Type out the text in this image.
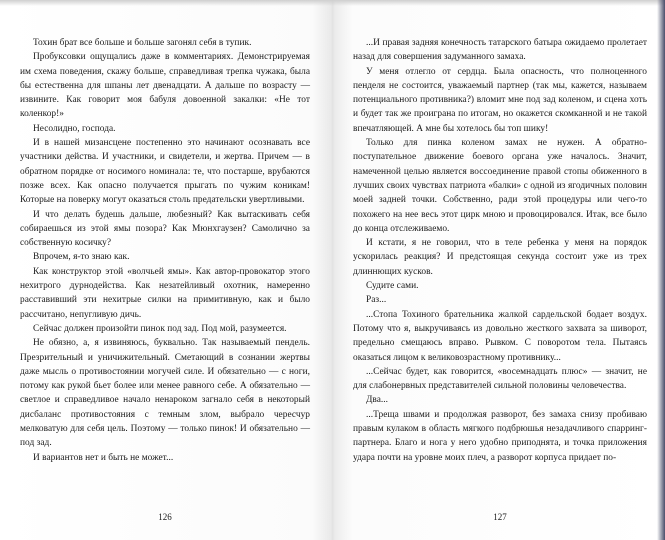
Тохин брат все больше и больше загонял себя в тупик.

Пробуксовки ощущались даже в комментариях. Демонстрируемая им схема поведения, скажу больше, справедливая трепка чужака, была бы естественна для шпаны лет двенадцати. А дальше по возрасту — извините. Как говорит моя бабуля довоенной закалки: «Не тот коленкор!»

Несолидно, господа.

И в нашей мизансцене постепенно это начинают осознавать все участники действа. И участники, и свидетели, и жертва. Причем — в обратном порядке от носимого номинала: те, что постарше, врубаются позже всех. Как опасно получается прыгать по чужим коникам! Которые на поверку могут оказаться столь предательски увертливыми.

И что делать будешь дальше, любезный? Как вытаскивать себя собираешься из этой ямы позора? Как Мюнхгаузен? Самолично за собственную косичку?

Впрочем, я-то знаю как.

Как конструктор этой «волчьей ямы». Как автор-провокатор этого нехитрого дурнодейства. Как незатейливый охотник, намеренно расставивший эти нехитрые силки на примитивную, как и было рассчитано, непугливую дичь.

Сейчас должен произойти пинок под зад. Под мой, разумеется.

Не обязно, а, я извиняюсь, буквально. Так называемый пендель. Презрительный и уничижительный. Сметающий в сознании жертвы даже мысль о противостоянии могучей силе. И обязательно — с ноги, потому как рукой бьет более или менее равного себе. А обязательно — светлое и справедливое начало ненароком загнало себя в некоторый дисбаланс противостояния с темным злом, выбрало чересчур мелковатую для себя цель. Поэтому — только пинок! И обязательно — под зад.

И вариантов нет и быть не может...

126

...И правая задняя конечность татарского батыра ожидаемо пролетает назад для совершения задуманного замаха.

У меня отлегло от сердца. Была опасность, что полноценного пенделя не состоится, уважаемый партнер (так мы, кажется, называем потенциального противника?) вломит мне под зад коленом, и сцена хоть и будет так же проиграна по итогам, но окажется скомканной и не такой впечатляющей. А мне бы хотелось бы топ шику!

Только для пинка коленом замах не нужен. А обратно-поступательное движение боевого органа уже началось. Значит, намеченной целью является воссоединение правой стопы обиженного в лучших своих чувствах патриота «балки» с одной из ягодичных половин моей задней точки. Собственно, ради этой процедуры или чего-то похожего на нее весь этот цирк мною и провоцировался. Итак, все было до конца отслеживаемо.

И кстати, я не говорил, что в теле ребенка у меня на порядок ускорилась реакция? И предстоящая секунда состоит уже из трех длиннющих кусков.

Судите сами.

Раз...

...Стопа Тохиного брательника жалкой сардельской бодает воздух. Потому что я, выкручиваясь из довольно жесткого захвата за шиворот, предельно смещаюсь вправо. Рывком. С поворотом тела. Пытаясь оказаться лицом к великовозрастному противнику...

...Сейчас будет, как говорится, «восемнадцать плюс» — значит, не для слабонервных представителей сильной половины человечества.

Два...

...Треща швами и продолжая разворот, без замаха снизу пробиваю правым кулаком в область мягкого подбрюшья незадачливого спарринг-партнера. Благо и нога у него удобно приподнята, и точка приложения удара почти на уровне моих плеч, а разворот корпуса придает по-

127
